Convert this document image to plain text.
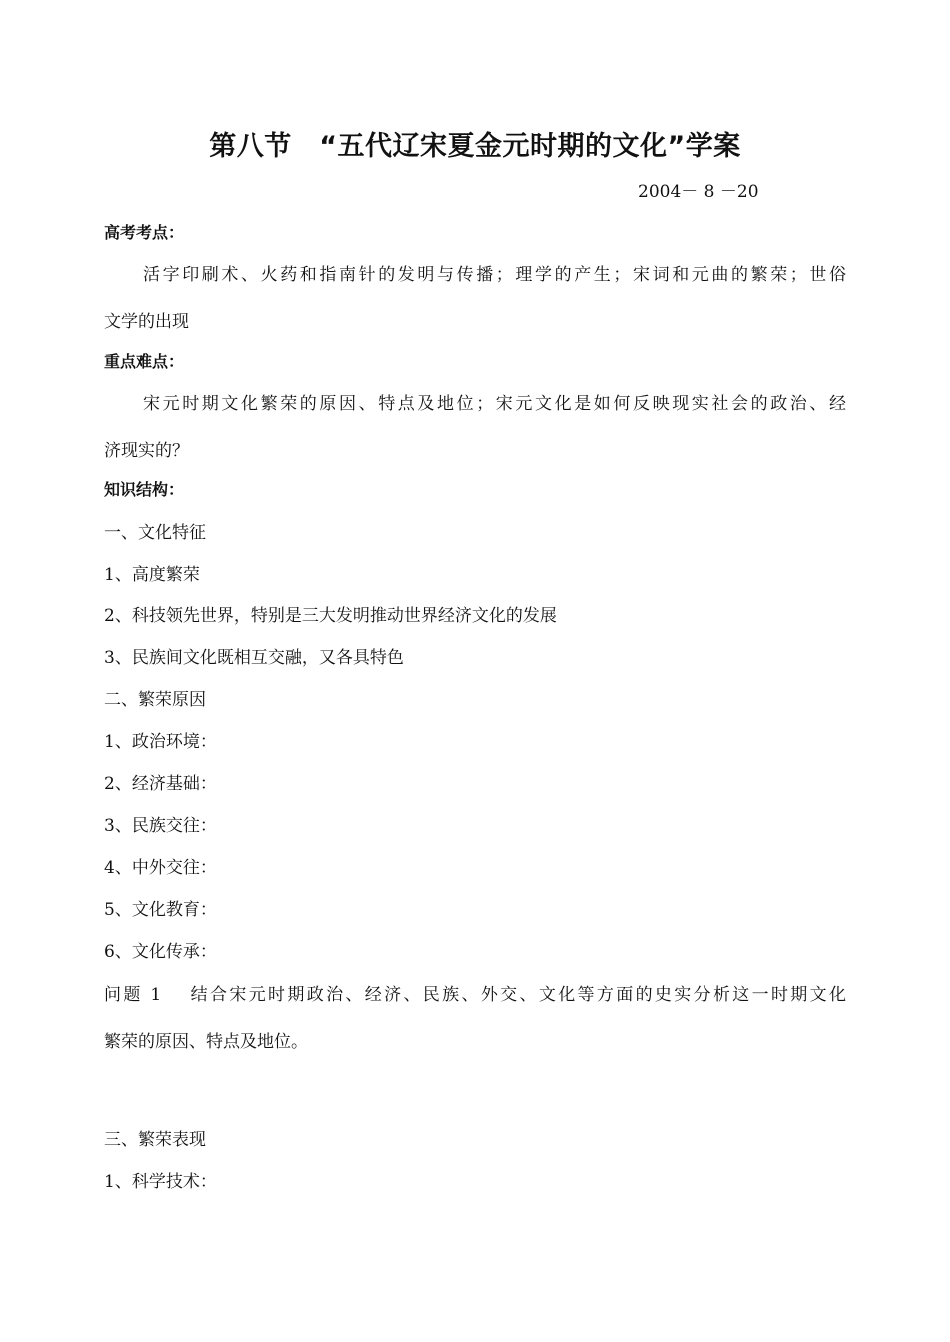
第八节　“五代辽宋夏金元时期的文化”学案
2004－ 8 －20
高考考点：
活字印刷术、火药和指南针的发明与传播；理学的产生；宋词和元曲的繁荣；世俗
文学的出现
重点难点：
宋元时期文化繁荣的原因、特点及地位；宋元文化是如何反映现实社会的政治、经
济现实的？
知识结构：
一、文化特征
1、高度繁荣
2、科技领先世界，特别是三大发明推动世界经济文化的发展
3、民族间文化既相互交融，又各具特色
二、繁荣原因
1、政治环境：
2、经济基础：
3、民族交往：
4、中外交往：
5、文化教育：
6、文化传承：
问题 1　 结合宋元时期政治、经济、民族、外交、文化等方面的史实分析这一时期文化
繁荣的原因、特点及地位。
三、繁荣表现
1、科学技术：
